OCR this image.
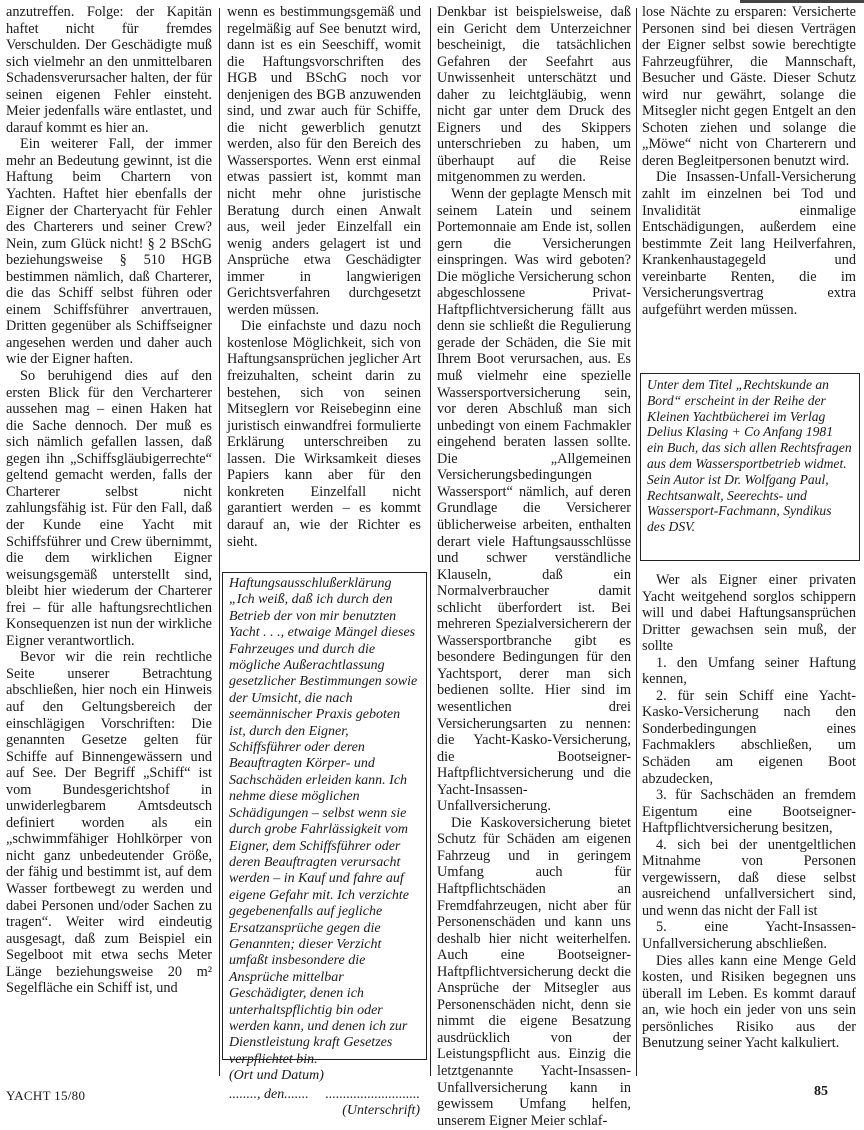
anzutreffen. Folge: der Kapitän haftet nicht für fremdes Verschulden. Der Geschädigte muß sich vielmehr an den unmittelbaren Schadensverursacher halten, der für seinen eigenen Fehler einsteht. Meier jedenfalls wäre entlastet, und darauf kommt es hier an.

Ein weiterer Fall, der immer mehr an Bedeutung gewinnt, ist die Haftung beim Chartern von Yachten. Haftet hier ebenfalls der Eigner der Charteryacht für Fehler des Charterers und seiner Crew? Nein, zum Glück nicht! § 2 BSchG beziehungsweise § 510 HGB bestimmen nämlich, daß Charterer, die das Schiff selbst führen oder einem Schiffsführer anvertrauen, Dritten gegenüber als Schiffseigner angesehen werden und daher auch wie der Eigner haften.

So beruhigend dies auf den ersten Blick für den Vercharterer aussehen mag – einen Haken hat die Sache dennoch. Der muß es sich nämlich gefallen lassen, daß gegen ihn „Schiffsgläubigerrechte“ geltend gemacht werden, falls der Charterer selbst nicht zahlungsfähig ist. Für den Fall, daß der Kunde eine Yacht mit Schiffsführer und Crew übernimmt, die dem wirklichen Eigner weisungsgemäß unterstellt sind, bleibt hier wiederum der Charterer frei – für alle haftungsrechtlichen Konsequenzen ist nun der wirkliche Eigner verantwortlich.

Bevor wir die rein rechtliche Seite unserer Betrachtung abschließen, hier noch ein Hinweis auf den Geltungsbereich der einschlägigen Vorschriften: Die genannten Gesetze gelten für Schiffe auf Binnengewässern und auf See. Der Begriff „Schiff“ ist vom Bundesgerichtshof in unwiderlegbarem Amtsdeutsch definiert worden als ein „schwimmfähiger Hohlkörper von nicht ganz unbedeutender Größe, der fähig und bestimmt ist, auf dem Wasser fortbewegt zu werden und dabei Personen und/oder Sachen zu tragen“. Weiter wird eindeutig ausgesagt, daß zum Beispiel ein Segelboot mit etwa sechs Meter Länge beziehungsweise 20 m² Segelfläche ein Schiff ist, und

wenn es bestimmungsgemäß und regelmäßig auf See benutzt wird, dann ist es ein Seeschiff, womit die Haftungsvorschriften des HGB und BSchG noch vor denjenigen des BGB anzuwenden sind, und zwar auch für Schiffe, die nicht gewerblich genutzt werden, also für den Bereich des Wassersportes. Wenn erst einmal etwas passiert ist, kommt man nicht mehr ohne juristische Beratung durch einen Anwalt aus, weil jeder Einzelfall ein wenig anders gelagert ist und Ansprüche etwa Geschädigter immer in langwierigen Gerichtsverfahren durchgesetzt werden müssen.

Die einfachste und dazu noch kostenlose Möglichkeit, sich von Haftungsansprüchen jeglicher Art freizuhalten, scheint darin zu bestehen, sich von seinen Mitseglern vor Reisebeginn eine juristisch einwandfrei formulierte Erklärung unterschreiben zu lassen. Die Wirksamkeit dieses Papiers kann aber für den konkreten Einzelfall nicht garantiert werden – es kommt darauf an, wie der Richter es sieht.

Haftungsausschlußerklärung

„Ich weiß, daß ich durch den Betrieb der von mir benutzten Yacht . . ., etwaige Mängel dieses Fahrzeuges und durch die mögliche Außerachtlassung gesetzlicher Bestimmungen sowie der Umsicht, die nach seemännischer Praxis geboten ist, durch den Eigner, Schiffsführer oder deren Beauftragten Körper- und Sachschäden erleiden kann. Ich nehme diese möglichen Schädigungen – selbst wenn sie durch grobe Fahrlässigkeit vom Eigner, dem Schiffsführer oder deren Beauftragten verursacht werden – in Kauf und fahre auf eigene Gefahr mit. Ich verzichte gegebenenfalls auf jegliche Ersatzansprüche gegen die Genannten; dieser Verzicht umfaßt insbesondere die Ansprüche mittelbar Geschädigter, denen ich unterhaltspflichtig bin oder werden kann, und denen ich zur Dienstleistung kraft Gesetzes verpflichtet bin.

(Ort und Datum)

........, den....... ...........................

(Unterschrift)

Denkbar ist beispielsweise, daß ein Gericht dem Unterzeichner bescheinigt, die tatsächlichen Gefahren der Seefahrt aus Unwissenheit unterschätzt und daher zu leichtgläubig, wenn nicht gar unter dem Druck des Eigners und des Skippers unterschrieben zu haben, um überhaupt auf die Reise mitgenommen zu werden.

Wenn der geplagte Mensch mit seinem Latein und seinem Portemonnaie am Ende ist, sollen gern die Versicherungen einspringen. Was wird geboten? Die mögliche Versicherung schon abgeschlossene Privat-Haftpflichtversicherung fällt aus denn sie schließt die Regulierung gerade der Schäden, die Sie mit Ihrem Boot verursachen, aus. Es muß vielmehr eine spezielle Wassersportversicherung sein, vor deren Abschluß man sich unbedingt von einem Fachmakler eingehend beraten lassen sollte. Die „Allgemeinen Versicherungsbedingungen Wassersport“ nämlich, auf deren Grundlage die Versicherer üblicherweise arbeiten, enthalten derart viele Haftungsausschlüsse und schwer verständliche Klauseln, daß ein Normalverbraucher damit schlicht überfordert ist. Bei mehreren Spezialversicherern der Wassersportbranche gibt es besondere Bedingungen für den Yachtsport, derer man sich bedienen sollte. Hier sind im wesentlichen drei Versicherungsarten zu nennen: die Yacht-Kasko-Versicherung, die Bootseigner-Haftpflichtversicherung und die Yacht-Insassen-Unfallversicherung.

Die Kaskoversicherung bietet Schutz für Schäden am eigenen Fahrzeug und in geringem Umfang auch für Haftpflichtschäden an Fremdfahrzeugen, nicht aber für Personenschäden und kann uns deshalb hier nicht weiterhelfen. Auch eine Bootseigner-Haftpflichtversicherung deckt die Ansprüche der Mitsegler aus Personenschäden nicht, denn sie nimmt die eigene Besatzung ausdrücklich von der Leistungspflicht aus. Einzig die letztgenannte Yacht-Insassen-Unfallversicherung kann in gewissem Umfang helfen, unserem Eigner Meier schlaf-

lose Nächte zu ersparen: Versicherte Personen sind bei diesen Verträgen der Eigner selbst sowie berechtigte Fahrzeugführer, die Mannschaft, Besucher und Gäste. Dieser Schutz wird nur gewährt, solange die Mitsegler nicht gegen Entgelt an den Schoten ziehen und solange die „Möwe“ nicht von Charterern und deren Begleitpersonen benutzt wird.

Die Insassen-Unfall-Versicherung zahlt im einzelnen bei Tod und Invalidität einmalige Entschädigungen, außerdem eine bestimmte Zeit lang Heilverfahren, Krankenhaustagegeld und vereinbarte Renten, die im Versicherungsvertrag extra aufgeführt werden müssen.

Unter dem Titel „Rechtskunde an Bord“ erscheint in der Reihe der Kleinen Yachtbücherei im Verlag Delius Klasing + Co Anfang 1981 ein Buch, das sich allen Rechtsfragen aus dem Wassersportbetrieb widmet. Sein Autor ist Dr. Wolfgang Paul, Rechtsanwalt, Seerechts- und Wassersport-Fachmann, Syndikus des DSV.

Wer als Eigner einer privaten Yacht weitgehend sorglos schippern will und dabei Haftungsansprüchen Dritter gewachsen sein muß, der sollte

1. den Umfang seiner Haftung kennen,

2. für sein Schiff eine Yacht-Kasko-Versicherung nach den Sonderbedingungen eines Fachmaklers abschließen, um Schäden am eigenen Boot abzudecken,

3. für Sachschäden an fremdem Eigentum eine Bootseigner-Haftpflichtversicherung besitzen,

4. sich bei der unentgeltlichen Mitnahme von Personen vergewissern, daß diese selbst ausreichend unfallversichert sind, und wenn das nicht der Fall ist

5. eine Yacht-Insassen-Unfallversicherung abschließen.

Dies alles kann eine Menge Geld kosten, und Risiken begegnen uns überall im Leben. Es kommt darauf an, wie hoch ein jeder von uns sein persönliches Risiko aus der Benutzung seiner Yacht kalkuliert.

YACHT 15/80	85
